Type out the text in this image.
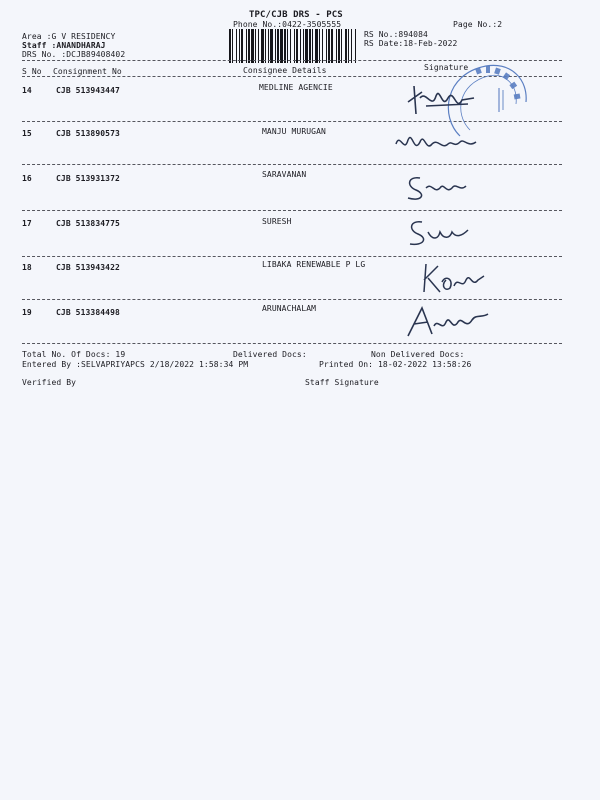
TPC/CJB DRS - PCS
Phone No.:0422-3505555	Page No.:2
Area :G V RESIDENCY
Staff :ANANDHARAJ
DRS No. :DCJB89408402
RS No.:894084
RS Date:18-Feb-2022
S No Consignment No	Consignee Details	Signature
14	CJB 513943447	MEDLINE AGENCIE
15	CJB 513890573	MANJU MURUGAN
16	CJB 513931372	SARAVANAN
17	CJB 513834775	SURESH
18	CJB 513943422	LIBAKA RENEWABLE P LG
19	CJB 513384498	ARUNACHALAM
Total No. Of Docs: 19	Delivered Docs:	Non Delivered Docs:
Entered By :SELVAPRIYAPCS 2/18/2022 1:58:34 PM	Printed On: 18-02-2022 13:58:26
Verified By	Staff Signature
